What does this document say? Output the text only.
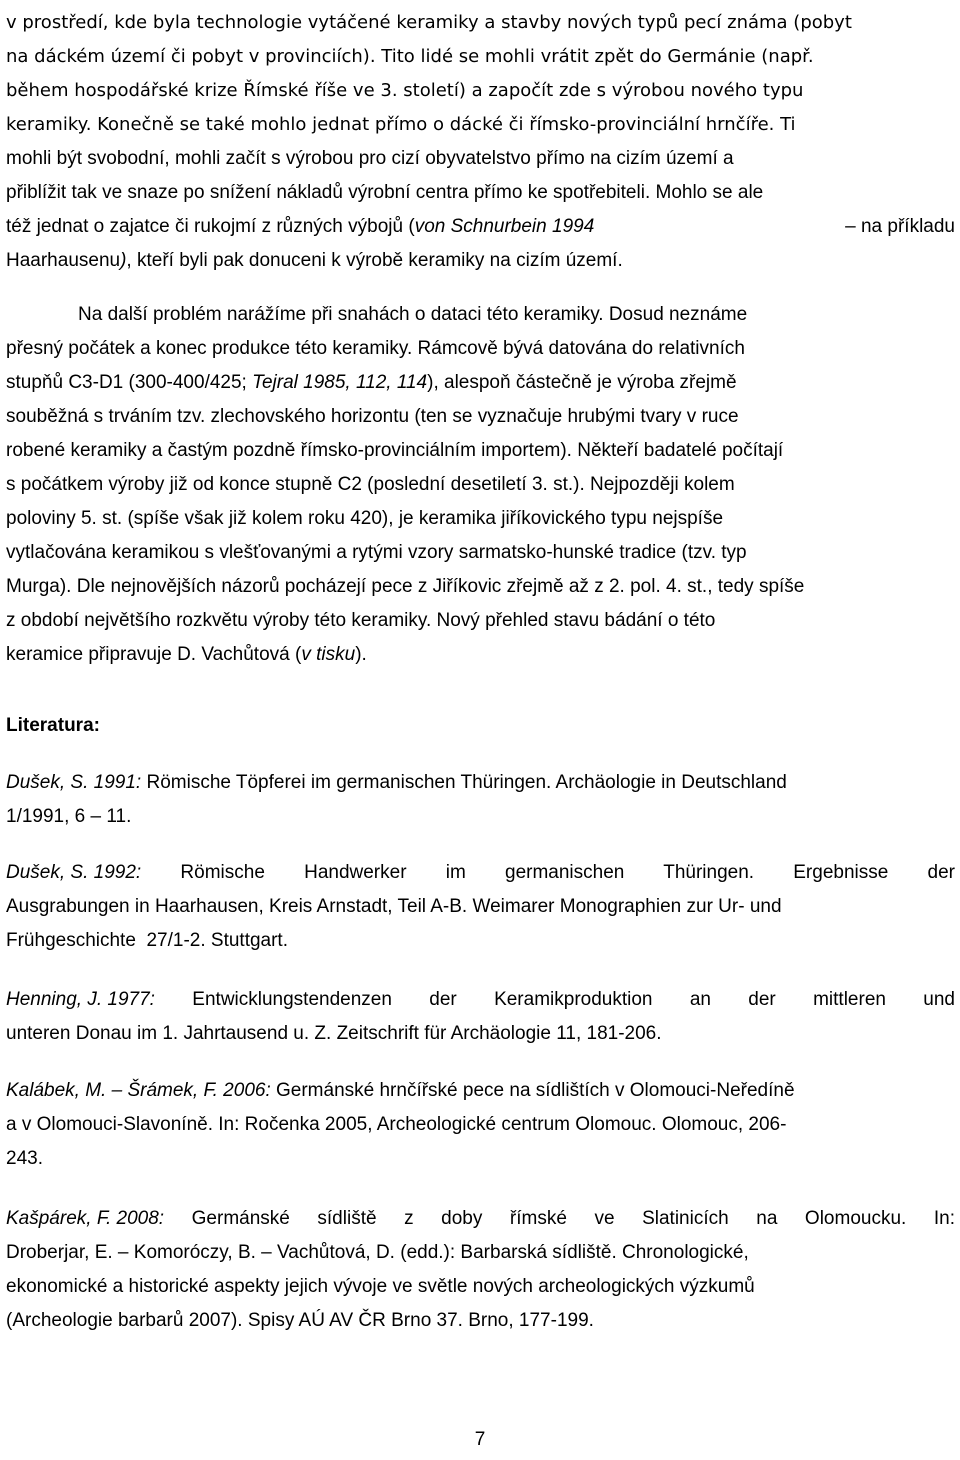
v prostředí, kde byla technologie vytáčené keramiky a stavby nových typů pecí známa (pobyt
na dáckém území či pobyt v provinciích). Tito lidé se mohli vrátit zpět do Germánie (např.
během hospodářské krize Římské říše ve 3. století) a započít zde s výrobou nového typu
keramiky. Konečně se také mohlo jednat přímo o dácké či římsko-provinciální hrnčíře. Ti
mohli být svobodní, mohli začít s výrobou pro cizí obyvatelstvo přímo na cizím území a
přiblížit tak ve snaze po snížení nákladů výrobní centra přímo ke spotřebiteli. Mohlo se ale
též jednat o zajatce či rukojmí z různých výbojů ( von Schnurbein 1994	– na příkladu
Haarhausenu ) , kteří byli pak donuceni k výrobě keramiky na cizím území.
Na další problém narážíme při snahách o dataci této keramiky. Dosud neznáme
přesný počátek a konec produkce této keramiky. Rámcově bývá datována do relativních
stupňů C3-D1 (300-400/425; Tejral 1985, 112, 114 ), alespoň částečně je výroba zřejmě
souběžná s trváním tzv. zlechovského horizontu (ten se vyznačuje hrubými tvary v ruce
robené keramiky a častým pozdně římsko-provinciálním importem). Někteří badatelé počítají
s počátkem výroby již od konce stupně C2 (poslední desetiletí 3. st.). Nejpozději kolem
poloviny 5. st. (spíše však již kolem roku 420), je keramika jiříkovického typu nejspíše
vytlačována keramikou s vlešťovanými a rytými vzory sarmatsko-hunské tradice (tzv. typ
Murga). Dle nejnovějších názorů pocházejí pece z Jiříkovic zřejmě až z 2. pol. 4. st., tedy spíše
z období největšího rozkvětu výroby této keramiky. Nový přehled stavu bádání o této
keramice připravuje D. Vachůtová ( v tisku ).
Literatura:
Dušek, S. 1991: Römische Töpferei im germanischen Thüringen. Archäologie in Deutschland
1/1991, 6 – 11.
Dušek, S. 1992: Römische Handwerker im germanischen Thüringen. Ergebnisse der
Ausgrabungen in Haarhausen, Kreis Arnstadt, Teil A-B. Weimarer Monographien zur Ur- und
Frühgeschichte  27/1-2. Stuttgart.
Henning, J. 1977: Entwicklungstendenzen der Keramikproduktion an der mittleren und
unteren Donau im 1. Jahrtausend u. Z. Zeitschrift für Archäologie 11, 181-206.
Kalábek, M. – Šrámek, F. 2006: Germánské hrnčířské pece na sídlištích v Olomouci-Neředíně
a v Olomouci-Slavoníně. In: Ročenka 2005, Archeologické centrum Olomouc. Olomouc, 206-
243.
Kašpárek, F. 2008: Germánské sídliště z doby římské ve Slatinicích na Olomoucku. In:
Droberjar, E. – Komoróczy, B. – Vachůtová, D. (edd.): Barbarská sídliště. Chronologické,
ekonomické a historické aspekty jejich vývoje ve světle nových archeologických výzkumů
(Archeologie barbarů 2007). Spisy AÚ AV ČR Brno 37. Brno, 177-199.
7
